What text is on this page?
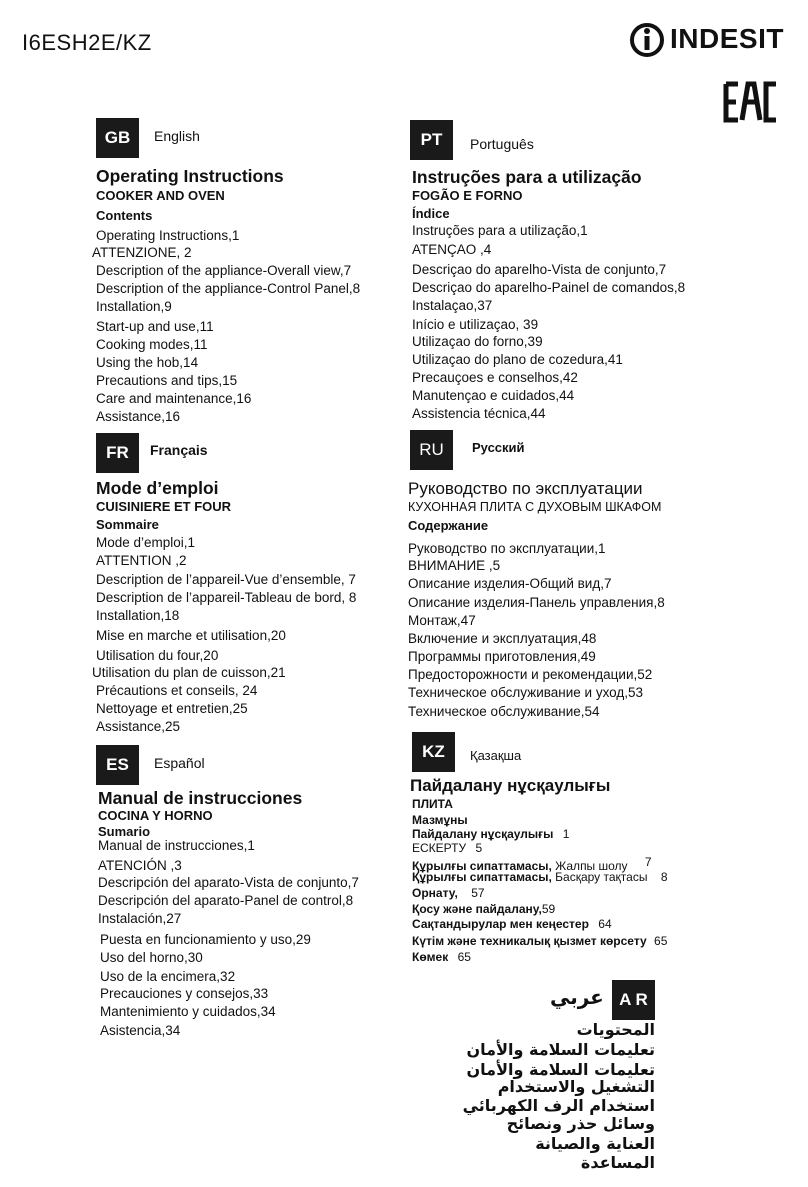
I6ESH2E/KZ	INDESIT
GB	English
Operating Instructions
COOKER AND OVEN
Contents
Operating Instructions,1
ATTENZIONE, 2
Description of the appliance-Overall view,7
Description of the appliance-Control Panel,8
Installation,9
Start-up and use,11
Cooking modes,11
Using the hob,14
Precautions and tips,15
Care and maintenance,16
Assistance,16
FR	Français
Mode d’emploi
CUISINIERE ET FOUR
Sommaire
Mode d’emploi,1
ATTENTION ,2
Description de l’appareil-Vue d’ensemble, 7
Description de l’appareil-Tableau de bord, 8
Installation,18
Mise en marche et utilisation,20
Utilisation du four,20
Utilisation du plan de cuisson,21
Précautions et conseils, 24
Nettoyage et entretien,25
Assistance,25
ES	Español
Manual de instrucciones
COCINA Y HORNO
Sumario
Manual de instrucciones,1
ATENCIÓN ,3
Descripción del aparato-Vista de conjunto,7
Descripción del aparato-Panel de control,8
Instalación,27
Puesta en funcionamiento y uso,29
Uso del horno,30
Uso de la encimera,32
Precauciones y consejos,33
Mantenimiento y cuidados,34
Asistencia,34
PT	Português
Instruções para a utilização
FOGÃO E FORNO
Índice
Instruções para a utilização,1
ATENÇAO ,4
Descriçao do aparelho-Vista de conjunto,7
Descriçao do aparelho-Painel de comandos,8
Instalaçao,37
Início e utilizaçao, 39
Utilizaçao do forno,39
Utilizaçao do plano de cozedura,41
Precauçoes e conselhos,42
Manutençao e cuidados,44
Assistencia técnica,44
RU	Русский
Руководство по эксплуатации
КУХОННАЯ ПЛИТА С ДУХОВЫМ ШКАФОМ
Содержание
Руководство по эксплуатации,1
ВНИМАНИЕ ,5
Описание изделия-Общий вид,7
Описание изделия-Панель управления,8
Монтаж,47
Включение и эксплуатация,48
Программы приготовления,49
Предосторожности и рекомендации,52
Техническое обслуживание и уход,53
Техническое обслуживание,54
KZ	Қазақша
Пайдалану нұсқаулығы
ПЛИТА
Мазмұны
Пайдалану нұсқаулығы 1
ЕСКЕРТУ 5
Құрылғы сипаттамасы, Жалпы шолу 7
Құрылғы сипаттамасы, Басқару тақтасы 8
Орнату, 57
Қосу және пайдалану,59
Сақтандырулар мен кеңестер 64
Күтім және техникалық қызмет көрсету 65
Көмек 65
عربي A R
المحتويات
تعليمات السلامة والأمان
تعليمات السلامة والأمان
التشغيل والاستخدام
استخدام الرف الكهربائي
وسائل حذر ونصائح
العناية والصيانة
المساعدة
